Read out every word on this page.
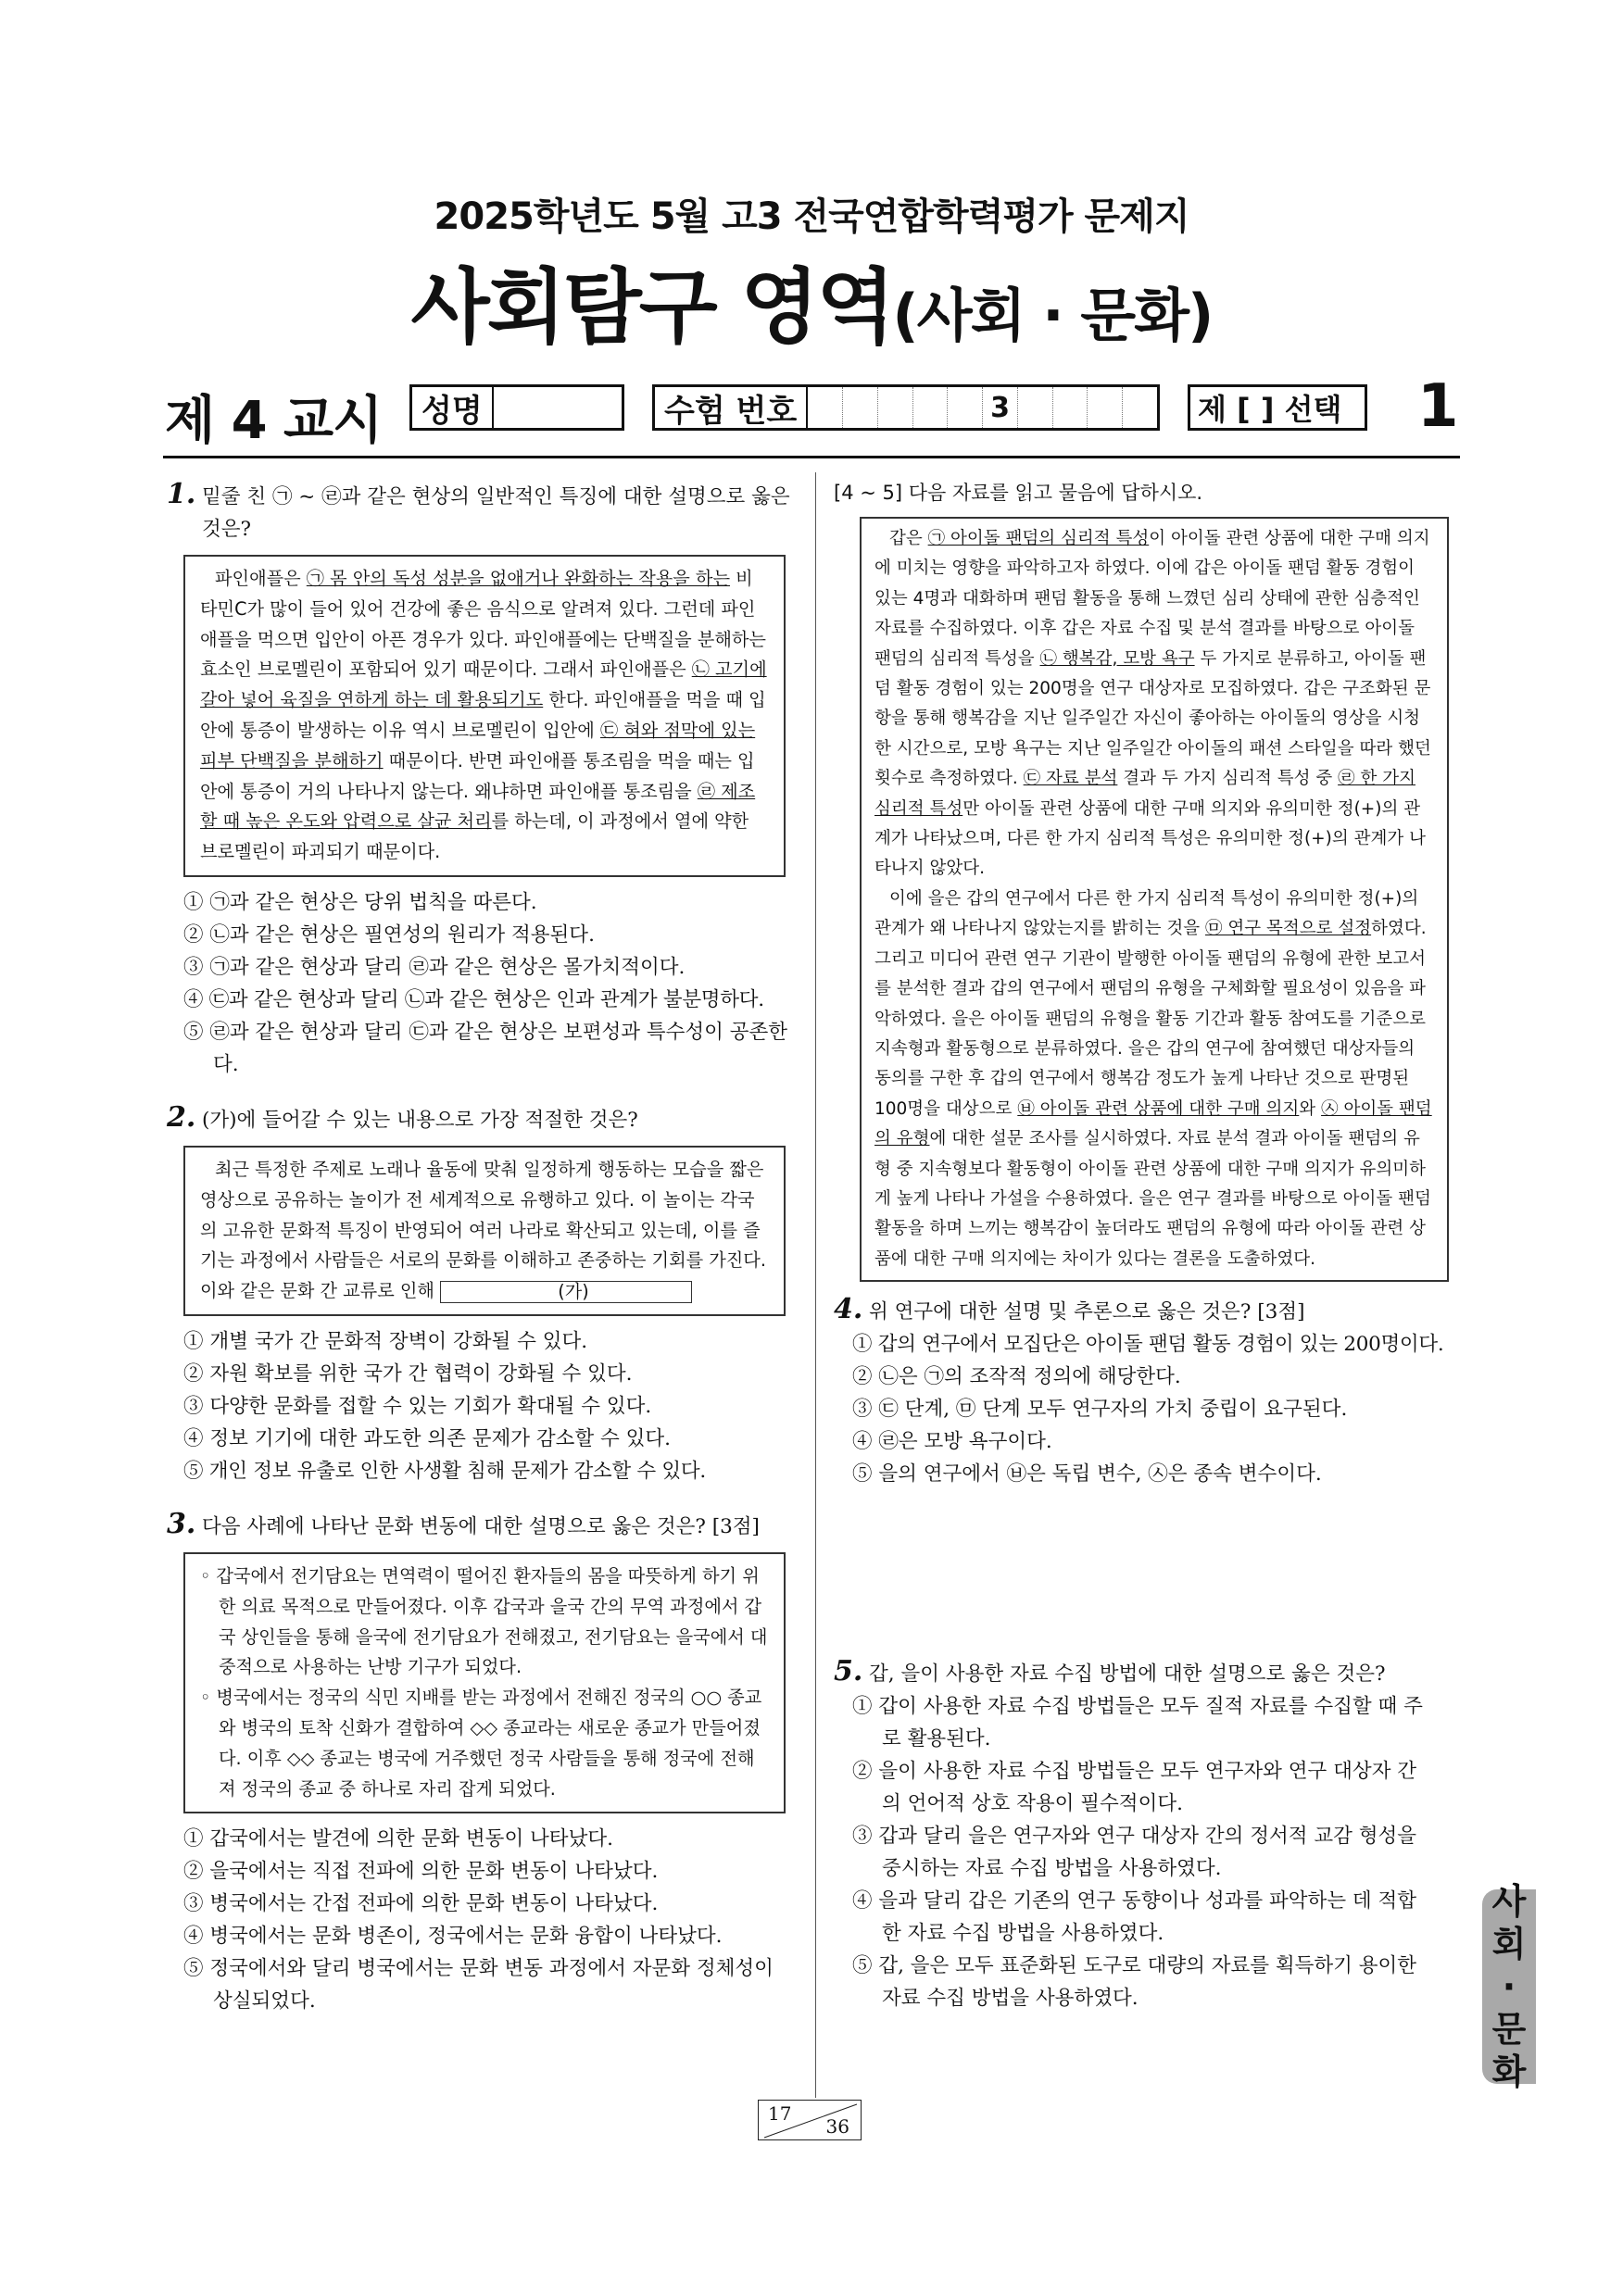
2025학년도 5월 고3 전국연합학력평가 문제지
사회탐구 영역(사회 · 문화)
제 4 교시 성명	수험 번호	3	제 [ ] 선택	1
1. 밑줄 친 ㉠ ~ ㉣과 같은 현상의 일반적인 특징에 대한 설명으로 옳은 것은?

파인애플은 ㉠ 몸 안의 독성 성분을 없애거나 완화하는 작용을 하는 비타민C가 많이 들어 있어 건강에 좋은 음식으로 알려져 있다. 그런데 파인애플을 먹으면 입안이 아픈 경우가 있다. 파인애플에는 단백질을 분해하는 효소인 브로멜린이 포함되어 있기 때문이다. 그래서 파인애플은 ㉡ 고기에 갈아 넣어 육질을 연하게 하는 데 활용되기도 한다. 파인애플을 먹을 때 입안에 통증이 발생하는 이유 역시 브로멜린이 입안에 ㉢ 혀와 점막에 있는 피부 단백질을 분해하기 때문이다. 반면 파인애플 통조림을 먹을 때는 입안에 통증이 거의 나타나지 않는다. 왜냐하면 파인애플 통조림을 ㉣ 제조할 때 높은 온도와 압력으로 살균 처리를 하는데, 이 과정에서 열에 약한 브로멜린이 파괴되기 때문이다.

① ㉠과 같은 현상은 당위 법칙을 따른다.

② ㉡과 같은 현상은 필연성의 원리가 적용된다.

③ ㉠과 같은 현상과 달리 ㉣과 같은 현상은 몰가치적이다.

④ ㉢과 같은 현상과 달리 ㉡과 같은 현상은 인과 관계가 불분명하다.

⑤ ㉣과 같은 현상과 달리 ㉢과 같은 현상은 보편성과 특수성이 공존한다.

2. (가)에 들어갈 수 있는 내용으로 가장 적절한 것은?

최근 특정한 주제로 노래나 율동에 맞춰 일정하게 행동하는 모습을 짧은 영상으로 공유하는 놀이가 전 세계적으로 유행하고 있다. 이 놀이는 각국의 고유한 문화적 특징이 반영되어 여러 나라로 확산되고 있는데, 이를 즐기는 과정에서 사람들은 서로의 문화를 이해하고 존중하는 기회를 가진다. 이와 같은 문화 간 교류로 인해	(가)

① 개별 국가 간 문화적 장벽이 강화될 수 있다.

② 자원 확보를 위한 국가 간 협력이 강화될 수 있다.

③ 다양한 문화를 접할 수 있는 기회가 확대될 수 있다.

④ 정보 기기에 대한 과도한 의존 문제가 감소할 수 있다.

⑤ 개인 정보 유출로 인한 사생활 침해 문제가 감소할 수 있다.

3. 다음 사례에 나타난 문화 변동에 대한 설명으로 옳은 것은? [3점]

◦ 갑국에서 전기담요는 면역력이 떨어진 환자들의 몸을 따뜻하게 하기 위한 의료 목적으로 만들어졌다. 이후 갑국과 을국 간의 무역 과정에서 갑국 상인들을 통해 을국에 전기담요가 전해졌고, 전기담요는 을국에서 대중적으로 사용하는 난방 기구가 되었다.

◦ 병국에서는 정국의 식민 지배를 받는 과정에서 전해진 정국의 ○○ 종교와 병국의 토착 신화가 결합하여 ◇◇ 종교라는 새로운 종교가 만들어졌다. 이후 ◇◇ 종교는 병국에 거주했던 정국 사람들을 통해 정국에 전해져 정국의 종교 중 하나로 자리 잡게 되었다.

① 갑국에서는 발견에 의한 문화 변동이 나타났다.

② 을국에서는 직접 전파에 의한 문화 변동이 나타났다.

③ 병국에서는 간접 전파에 의한 문화 변동이 나타났다.

④ 병국에서는 문화 병존이, 정국에서는 문화 융합이 나타났다.

⑤ 정국에서와 달리 병국에서는 문화 변동 과정에서 자문화 정체성이 상실되었다.

[4 ~ 5] 다음 자료를 읽고 물음에 답하시오.

갑은 ㉠ 아이돌 팬덤의 심리적 특성이 아이돌 관련 상품에 대한 구매 의지에 미치는 영향을 파악하고자 하였다. 이에 갑은 아이돌 팬덤 활동 경험이 있는 4명과 대화하며 팬덤 활동을 통해 느꼈던 심리 상태에 관한 심층적인 자료를 수집하였다. 이후 갑은 자료 수집 및 분석 결과를 바탕으로 아이돌 팬덤의 심리적 특성을 ㉡ 행복감, 모방 욕구 두 가지로 분류하고, 아이돌 팬덤 활동 경험이 있는 200명을 연구 대상자로 모집하였다. 갑은 구조화된 문항을 통해 행복감을 지난 일주일간 자신이 좋아하는 아이돌의 영상을 시청한 시간으로, 모방 욕구는 지난 일주일간 아이돌의 패션 스타일을 따라 했던 횟수로 측정하였다. ㉢ 자료 분석 결과 두 가지 심리적 특성 중 ㉣ 한 가지 심리적 특성만 아이돌 관련 상품에 대한 구매 의지와 유의미한 정(+)의 관계가 나타났으며, 다른 한 가지 심리적 특성은 유의미한 정(+)의 관계가 나타나지 않았다.

이에 을은 갑의 연구에서 다른 한 가지 심리적 특성이 유의미한 정(+)의 관계가 왜 나타나지 않았는지를 밝히는 것을 ㉤ 연구 목적으로 설정하였다. 그리고 미디어 관련 연구 기관이 발행한 아이돌 팬덤의 유형에 관한 보고서를 분석한 결과 갑의 연구에서 팬덤의 유형을 구체화할 필요성이 있음을 파악하였다. 을은 아이돌 팬덤의 유형을 활동 기간과 활동 참여도를 기준으로 지속형과 활동형으로 분류하였다. 을은 갑의 연구에 참여했던 대상자들의 동의를 구한 후 갑의 연구에서 행복감 정도가 높게 나타난 것으로 판명된 100명을 대상으로 ㉥ 아이돌 관련 상품에 대한 구매 의지와 ㉦ 아이돌 팬덤의 유형에 대한 설문 조사를 실시하였다. 자료 분석 결과 아이돌 팬덤의 유형 중 지속형보다 활동형이 아이돌 관련 상품에 대한 구매 의지가 유의미하게 높게 나타나 가설을 수용하였다. 을은 연구 결과를 바탕으로 아이돌 팬덤 활동을 하며 느끼는 행복감이 높더라도 팬덤의 유형에 따라 아이돌 관련 상품에 대한 구매 의지에는 차이가 있다는 결론을 도출하였다.

4. 위 연구에 대한 설명 및 추론으로 옳은 것은? [3점]

① 갑의 연구에서 모집단은 아이돌 팬덤 활동 경험이 있는 200명이다.

② ㉡은 ㉠의 조작적 정의에 해당한다.

③ ㉢ 단계, ㉤ 단계 모두 연구자의 가치 중립이 요구된다.

④ ㉣은 모방 욕구이다.

⑤ 을의 연구에서 ㉥은 독립 변수, ㉦은 종속 변수이다.

5. 갑, 을이 사용한 자료 수집 방법에 대한 설명으로 옳은 것은?

① 갑이 사용한 자료 수집 방법들은 모두 질적 자료를 수집할 때 주로 활용된다.

② 을이 사용한 자료 수집 방법들은 모두 연구자와 연구 대상자 간의 언어적 상호 작용이 필수적이다.

③ 갑과 달리 을은 연구자와 연구 대상자 간의 정서적 교감 형성을 중시하는 자료 수집 방법을 사용하였다.

④ 을과 달리 갑은 기존의 연구 동향이나 성과를 파악하는 데 적합한 자료 수집 방법을 사용하였다.

⑤ 갑, 을은 모두 표준화된 도구로 대량의 자료를 획득하기 용이한 자료 수집 방법을 사용하였다.

사
회
·
문
화
17
36
